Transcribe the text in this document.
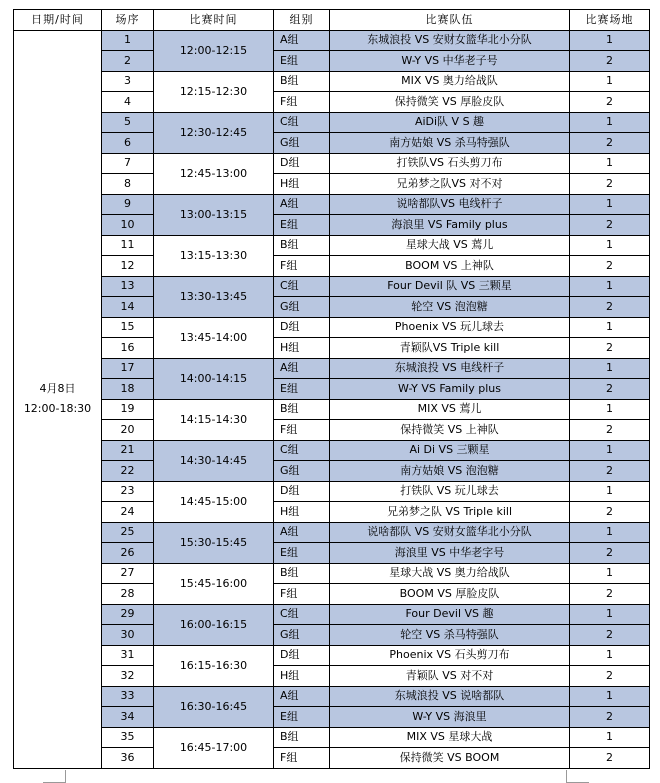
日期/时间	场序	比赛时间	组别	比赛队伍	比赛场地

4月8日
12:00-18:30	1	12:00-12:15	A组	东城浪投 VS 安财女篮华北小分队	1
	2		E组	W-Y VS 中华老子号	2
	3	12:15-12:30	B组	MIX VS 奥力给战队	1
	4		F组	保持微笑 VS 厚脸皮队	2
	5	12:30-12:45	C组	AiDi队 V S 趣	1
	6		G组	南方姑娘 VS 杀马特强队	2
	7	12:45-13:00	D组	打铁队VS 石头剪刀布	1
	8		H组	兄弟梦之队VS 对不对	2
	9	13:00-13:15	A组	说啥都队VS 电线杆子	1
	10		E组	海浪里 VS Family plus	2
	11	13:15-13:30	B组	星球大战 VS 蔫儿	1
	12		F组	BOOM VS 上神队	2
	13	13:30-13:45	C组	Four Devil 队 VS 三颗星	1
	14		G组	轮空 VS 泡泡糖	2
	15	13:45-14:00	D组	Phoenix VS 玩儿球去	1
	16		H组	青颖队VS Triple kill	2
	17	14:00-14:15	A组	东城浪投 VS 电线杆子	1
	18		E组	W-Y VS Family plus	2
	19	14:15-14:30	B组	MIX VS 蔫儿	1
	20		F组	保持微笑 VS 上神队	2
	21	14:30-14:45	C组	Ai Di VS 三颗星	1
	22		G组	南方姑娘 VS 泡泡糖	2
	23	14:45-15:00	D组	打铁队 VS 玩儿球去	1
	24		H组	兄弟梦之队 VS Triple kill	2
	25	15:30-15:45	A组	说啥都队 VS 安财女篮华北小分队	1
	26		E组	海浪里 VS 中华老字号	2
	27	15:45-16:00	B组	星球大战 VS 奥力给战队	1
	28		F组	BOOM VS 厚脸皮队	2
	29	16:00-16:15	C组	Four Devil VS 趣	1
	30		G组	轮空 VS 杀马特强队	2
	31	16:15-16:30	D组	Phoenix VS 石头剪刀布	1
	32		H组	青颖队 VS 对不对	2
	33	16:30-16:45	A组	东城浪投 VS 说啥都队	1
	34		E组	W-Y VS 海浪里	2
	35	16:45-17:00	B组	MIX VS 星球大战	1
	36		F组	保持微笑 VS BOOM	2
